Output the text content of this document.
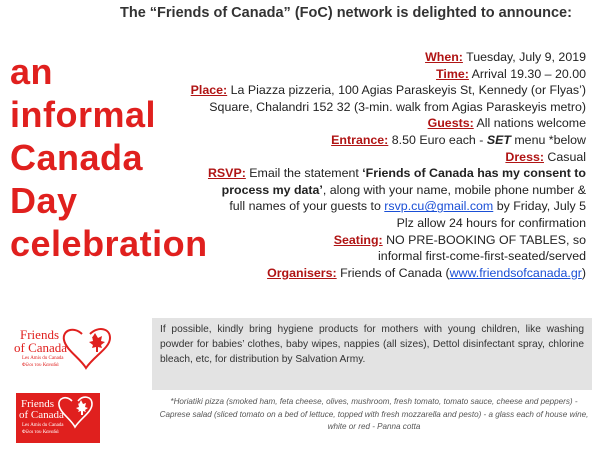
The “Friends of Canada” (FoC) network is delighted to announce:
an
informal
Canada
Day
celebration
When: Tuesday, July 9, 2019
Time: Arrival 19.30 – 20.00
Place: La Piazza pizzeria, 100 Agias Paraskeyis St, Kennedy (or Flyas’)
Square, Chalandri 152 32 (3-min. walk from Agias Paraskeyis metro)
Guests: All nations welcome
Entrance: 8.50 Euro each - SET menu *below
Dress: Casual
RSVP: Email the statement ‘Friends of Canada has my consent to
process my data’, along with your name, mobile phone number &
full names of your guests to rsvp.cu@gmail.com by Friday, July 5
Plz allow 24 hours for confirmation
Seating: NO PRE-BOOKING OF TABLES, so
informal first-come-first-seated/served
Organisers: Friends of Canada (www.friendsofcanada.gr)
Friends
of Canada
Les Amis du Canada
Φίλοι του Καναδά
Friends
of Canada
Les Amis du Canada
Φίλοι του Καναδά
If possible, kindly bring hygiene products for mothers with young children, like washing powder for babies’ clothes, baby wipes, nappies (all sizes), Dettol disinfectant spray, chlorine bleach, etc, for distribution by Salvation Army.
*Horiatiki pizza (smoked ham, feta cheese, olives, mushroom, fresh tomato, tomato sauce, cheese and peppers) - Caprese salad (sliced tomato on a bed of lettuce, topped with fresh mozzarella and pesto) - a glass each of house wine, white or red - Panna cotta
